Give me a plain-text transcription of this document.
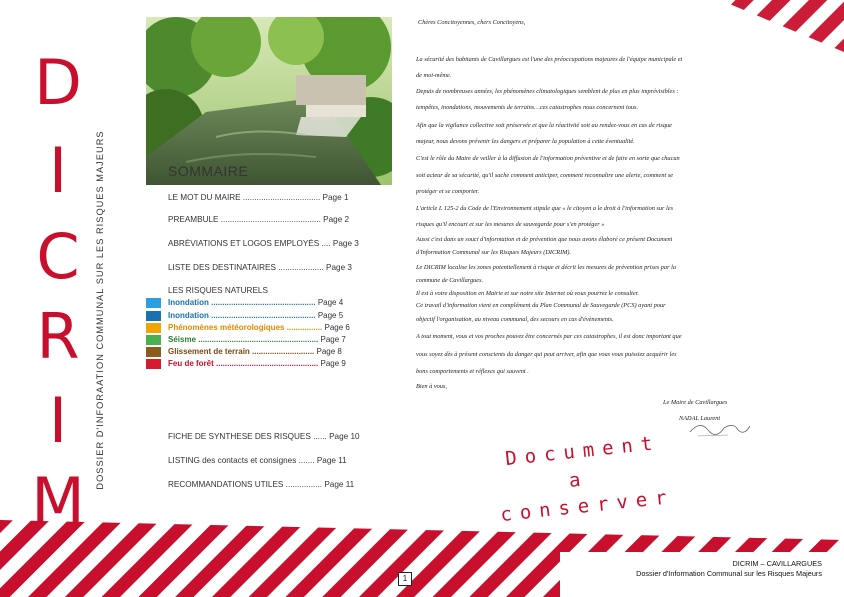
D
I
C
R
I
M
DOSSIER D'INFORAATION COMMUNAL SUR LES RISQUES MAJEURS	SOMMAIRE
LE MOT DU MAIRE .................................. Page 1
PREAMBULE ............................................ Page 2
ABRÉVIATIONS ET LOGOS EMPLOYÉS .... Page 3
LISTE DES DESTINATAIRES .................... Page 3
LES RISQUES NATURELS
Inondation ............................................... Page 4
Inondation ............................................... Page 5
Phénomènes météorologiques ................ Page 6
Séisme ...................................................... Page 7
Glissement de terrain ............................ Page 8
Feu de forêt .............................................. Page 9
FICHE DE SYNTHESE DES RISQUES ...... Page 10
LISTING des contacts et consignes ....... Page 11
RECOMMANDATIONS UTILES ................ Page 11
Chères Concitoyennes, chers Concitoyens,
La sécurité des habitants de Cavillargues est l'une des préoccupations majeures de l'équipe municipale et
de moi-même.
Depuis de nombreuses années, les phénomènes climatologiques semblent de plus en plus imprévisibles :
tempêtes, inondations, mouvements de terrains…ces catastrophes nous concernent tous.
Afin que la vigilance collective soit préservée et que la réactivité soit au rendez-vous en cas de risque
majeur, nous devons prévenir les dangers et préparer la population à cette éventualité.
C'est le rôle du Maire de veiller à la diffusion de l'information préventive et de faire en sorte que chacun
soit acteur de sa sécurité, qu'il sache comment anticiper, comment reconnaître une alerte, comment se
protéger et se comporter.
L'article L 125-2 du Code de l'Environnement stipule que « le citoyen a le droit à l'information sur les
risques qu'il encourt et sur les mesures de sauvegarde pour s'en protéger »
Aussi c'est dans un souci d'information et de prévention que nous avons élaboré ce présent Document
d'Information Communal sur les Risques Majeurs (DICRIM).
Le DICRIM localise les zones potentiellement à risque et décrit les mesures de prévention prises par la
commune de Cavillargues.
Il est à votre disposition en Mairie et sur notre site Internet où vous pourrez le consulter.
Ce travail d'information vient en complément du Plan Communal de Sauvegarde (PCS) ayant pour
objectif l'organisation, au niveau communal, des secours en cas d'évènements.
A tout moment, vous et vos proches pouvez être concernés par ces catastrophes, il est donc important que
vous soyez dès à présent conscients du danger qui peut arriver, afin que vous vous puissiez acquérir les
bons comportements et réflexes qui sauvent .
Bien à vous,
Le Maire de Cavillargues
NADAL Laurent
Document
a
conserver
1
DICRIM – CAVILLARGUES
Dossier d'Information Communal sur les Risques Majeurs
